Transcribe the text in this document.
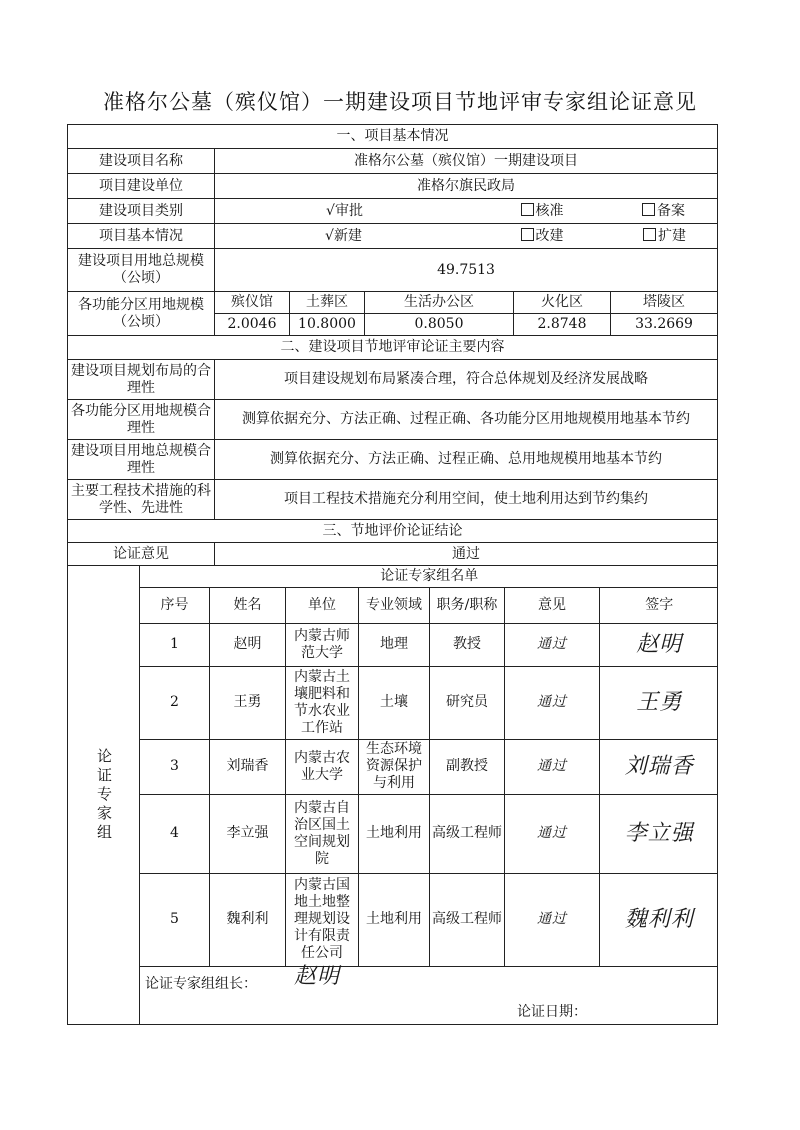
准格尔公墓（殡仪馆）一期建设项目节地评审专家组论证意见
一、项目基本情况
建设项目名称	准格尔公墓（殡仪馆）一期建设项目
项目建设单位	准格尔旗民政局
建设项目类别	√审批	核准	备案
项目基本情况	√新建	改建	扩建
建设项目用地总规模（公顷）	49.7513
各功能分区用地规模（公顷）	殡仪馆	土葬区	生活办公区	火化区	塔陵区
2.0046	10.8000	0.8050	2.8748	33.2669
二、建设项目节地评审论证主要内容
建设项目规划布局的合理性	项目建设规划布局紧凑合理，符合总体规划及经济发展战略
各功能分区用地规模合理性	测算依据充分、方法正确、过程正确、各功能分区用地规模用地基本节约
建设项目用地总规模合理性	测算依据充分、方法正确、过程正确、总用地规模用地基本节约
主要工程技术措施的科学性、先进性	项目工程技术措施充分利用空间，使土地利用达到节约集约
三、节地评价论证结论
论证意见	通过

论证专家组
论证专家组名单
序号	姓名	单位	专业领域	职务/职称	意见	签字
1	赵明	内蒙古师范大学	地理	教授	通过	赵明
2	王勇	内蒙古土壤肥料和节水农业工作站	土壤	研究员	通过	王勇
3	刘瑞香	内蒙古农业大学	生态环境资源保护与利用	副教授	通过	刘瑞香
4	李立强	内蒙古自治区国土空间规划院	土地利用	高级工程师	通过	李立强
5	魏利利	内蒙古国地土地整理规划设计有限责任公司	土地利用	高级工程师	通过	魏利利
论证专家组组长： 赵明
论证日期：
